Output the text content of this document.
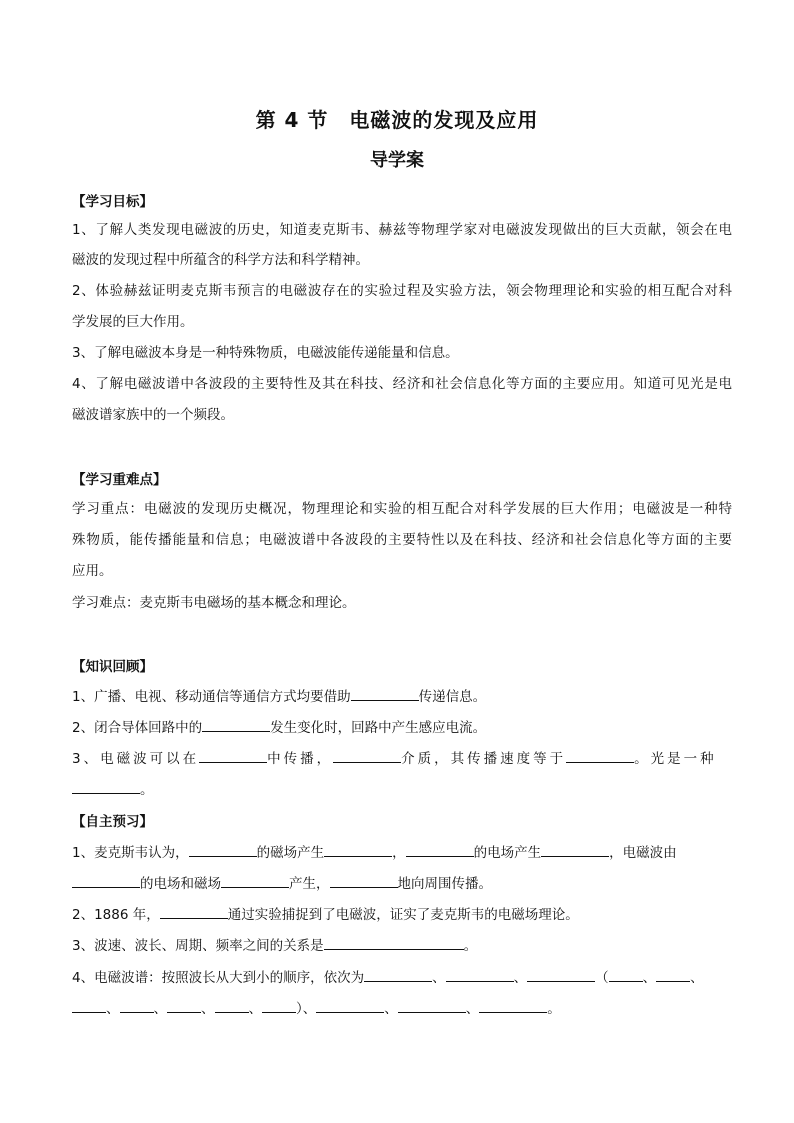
第 4 节　电磁波的发现及应用
导学案
【学习目标】
1、了解人类发现电磁波的历史，知道麦克斯韦、赫兹等物理学家对电磁波发现做出的巨大贡献，领会在电
磁波的发现过程中所蕴含的科学方法和科学精神。
2、体验赫兹证明麦克斯韦预言的电磁波存在的实验过程及实验方法，领会物理理论和实验的相互配合对科
学发展的巨大作用。
3、了解电磁波本身是一种特殊物质，电磁波能传递能量和信息。
4、了解电磁波谱中各波段的主要特性及其在科技、经济和社会信息化等方面的主要应用。知道可见光是电
磁波谱家族中的一个频段。
【学习重难点】
学习重点：电磁波的发现历史概况，物理理论和实验的相互配合对科学发展的巨大作用；电磁波是一种特
殊物质，能传播能量和信息；电磁波谱中各波段的主要特性以及在科技、经济和社会信息化等方面的主要
应用。
学习难点：麦克斯韦电磁场的基本概念和理论。
【知识回顾】
1、广播、电视、移动通信等通信方式均要借助	传递信息。
2、闭合导体回路中的	发生变化时，回路中产生感应电流。
3、电磁波可以在	中传播，	介质，其传播速度等于	。光是一种
。
【自主预习】
1、麦克斯韦认为，	的磁场产生	，	的电场产生	，电磁波由
的电场和磁场	产生，	地向周围传播。
2、1886 年，	通过实验捕捉到了电磁波，证实了麦克斯韦的电磁场理论。
3、波速、波长、周期、频率之间的关系是	。
4、电磁波谱：按照波长从大到小的顺序，依次为	、	、	（	、	、
、	、	、	、	）、	、	、	。
